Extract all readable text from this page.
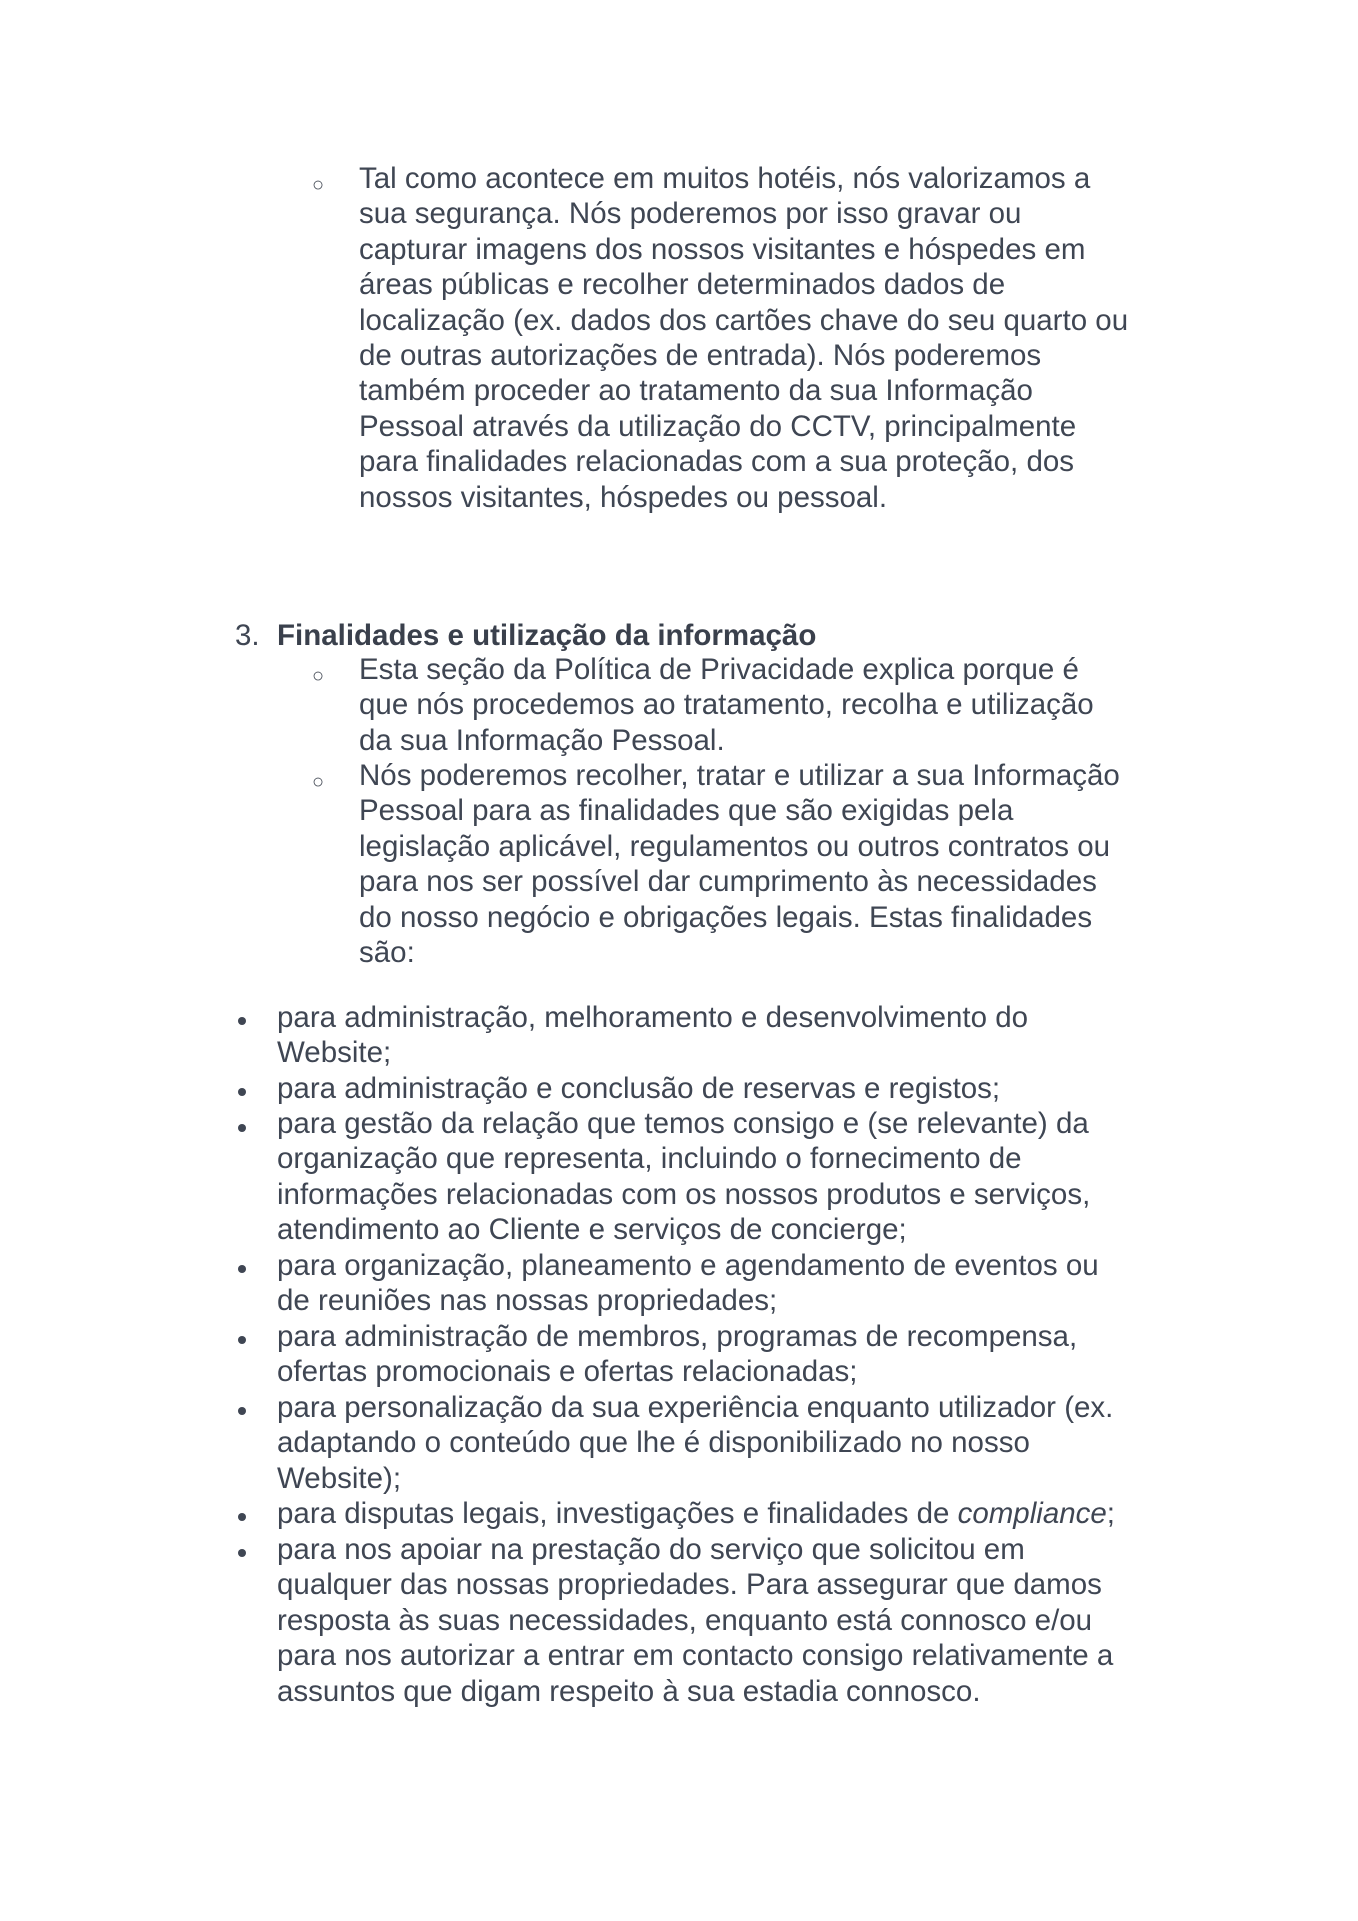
○ Tal como acontece em muitos hotéis, nós valorizamos a
sua segurança. Nós poderemos por isso gravar ou
capturar imagens dos nossos visitantes e hóspedes em
áreas públicas e recolher determinados dados de
localização (ex. dados dos cartões chave do seu quarto ou
de outras autorizações de entrada). Nós poderemos
também proceder ao tratamento da sua Informação
Pessoal através da utilização do CCTV, principalmente
para finalidades relacionadas com a sua proteção, dos
nossos visitantes, hóspedes ou pessoal.
3. Finalidades e utilização da informação
○ Esta seção da Política de Privacidade explica porque é
que nós procedemos ao tratamento, recolha e utilização
da sua Informação Pessoal.
○ Nós poderemos recolher, tratar e utilizar a sua Informação
Pessoal para as finalidades que são exigidas pela
legislação aplicável, regulamentos ou outros contratos ou
para nos ser possível dar cumprimento às necessidades
do nosso negócio e obrigações legais. Estas finalidades
são:
para administração, melhoramento e desenvolvimento do
Website;
para administração e conclusão de reservas e registos;
para gestão da relação que temos consigo e (se relevante) da
organização que representa, incluindo o fornecimento de
informações relacionadas com os nossos produtos e serviços,
atendimento ao Cliente e serviços de concierge;
para organização, planeamento e agendamento de eventos ou
de reuniões nas nossas propriedades;
para administração de membros, programas de recompensa,
ofertas promocionais e ofertas relacionadas;
para personalização da sua experiência enquanto utilizador (ex.
adaptando o conteúdo que lhe é disponibilizado no nosso
Website);
para disputas legais, investigações e finalidades de compliance;
para nos apoiar na prestação do serviço que solicitou em
qualquer das nossas propriedades. Para assegurar que damos
resposta às suas necessidades, enquanto está connosco e/ou
para nos autorizar a entrar em contacto consigo relativamente a
assuntos que digam respeito à sua estadia connosco.
